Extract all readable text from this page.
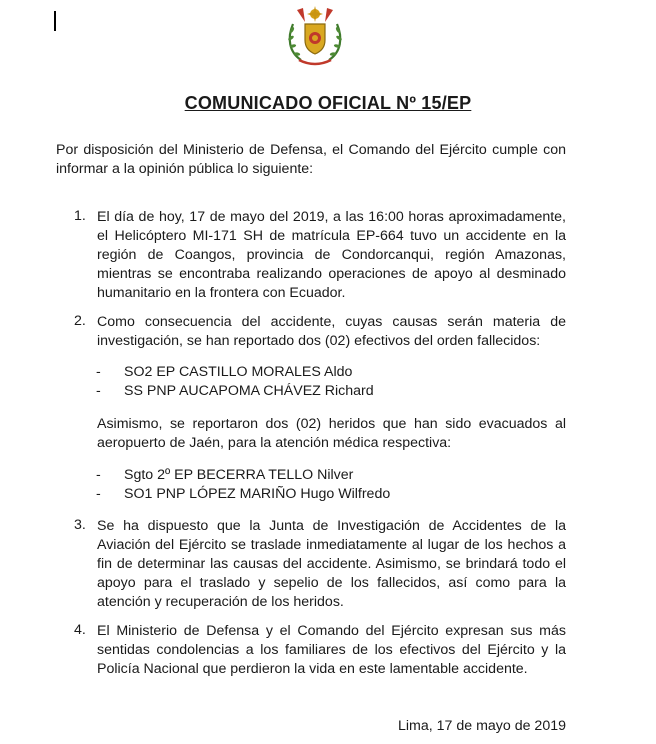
COMUNICADO OFICIAL Nº 15/EP
Por disposición del Ministerio de Defensa, el Comando del Ejército cumple con informar a la opinión pública lo siguiente:
1. El día de hoy, 17 de mayo del 2019, a las 16:00 horas aproximadamente, el Helicóptero MI-171 SH de matrícula EP-664 tuvo un accidente en la región de Coangos, provincia de Condorcanqui, región Amazonas, mientras se encontraba realizando operaciones de apoyo al desminado humanitario en la frontera con Ecuador.
2. Como consecuencia del accidente, cuyas causas serán materia de investigación, se han reportado dos (02) efectivos del orden fallecidos:
- SO2 EP CASTILLO MORALES Aldo
- SS PNP AUCAPOMA CHÁVEZ Richard
Asimismo, se reportaron dos (02) heridos que han sido evacuados al aeropuerto de Jaén, para la atención médica respectiva:
- Sgto 2º EP BECERRA TELLO Nilver
- SO1 PNP LÓPEZ MARIÑO Hugo Wilfredo
3. Se ha dispuesto que la Junta de Investigación de Accidentes de la Aviación del Ejército se traslade inmediatamente al lugar de los hechos a fin de determinar las causas del accidente. Asimismo, se brindará todo el apoyo para el traslado y sepelio de los fallecidos, así como para la atención y recuperación de los heridos.
4. El Ministerio de Defensa y el Comando del Ejército expresan sus más sentidas condolencias a los familiares de los efectivos del Ejército y la Policía Nacional que perdieron la vida en este lamentable accidente.
Lima, 17 de mayo de 2019
